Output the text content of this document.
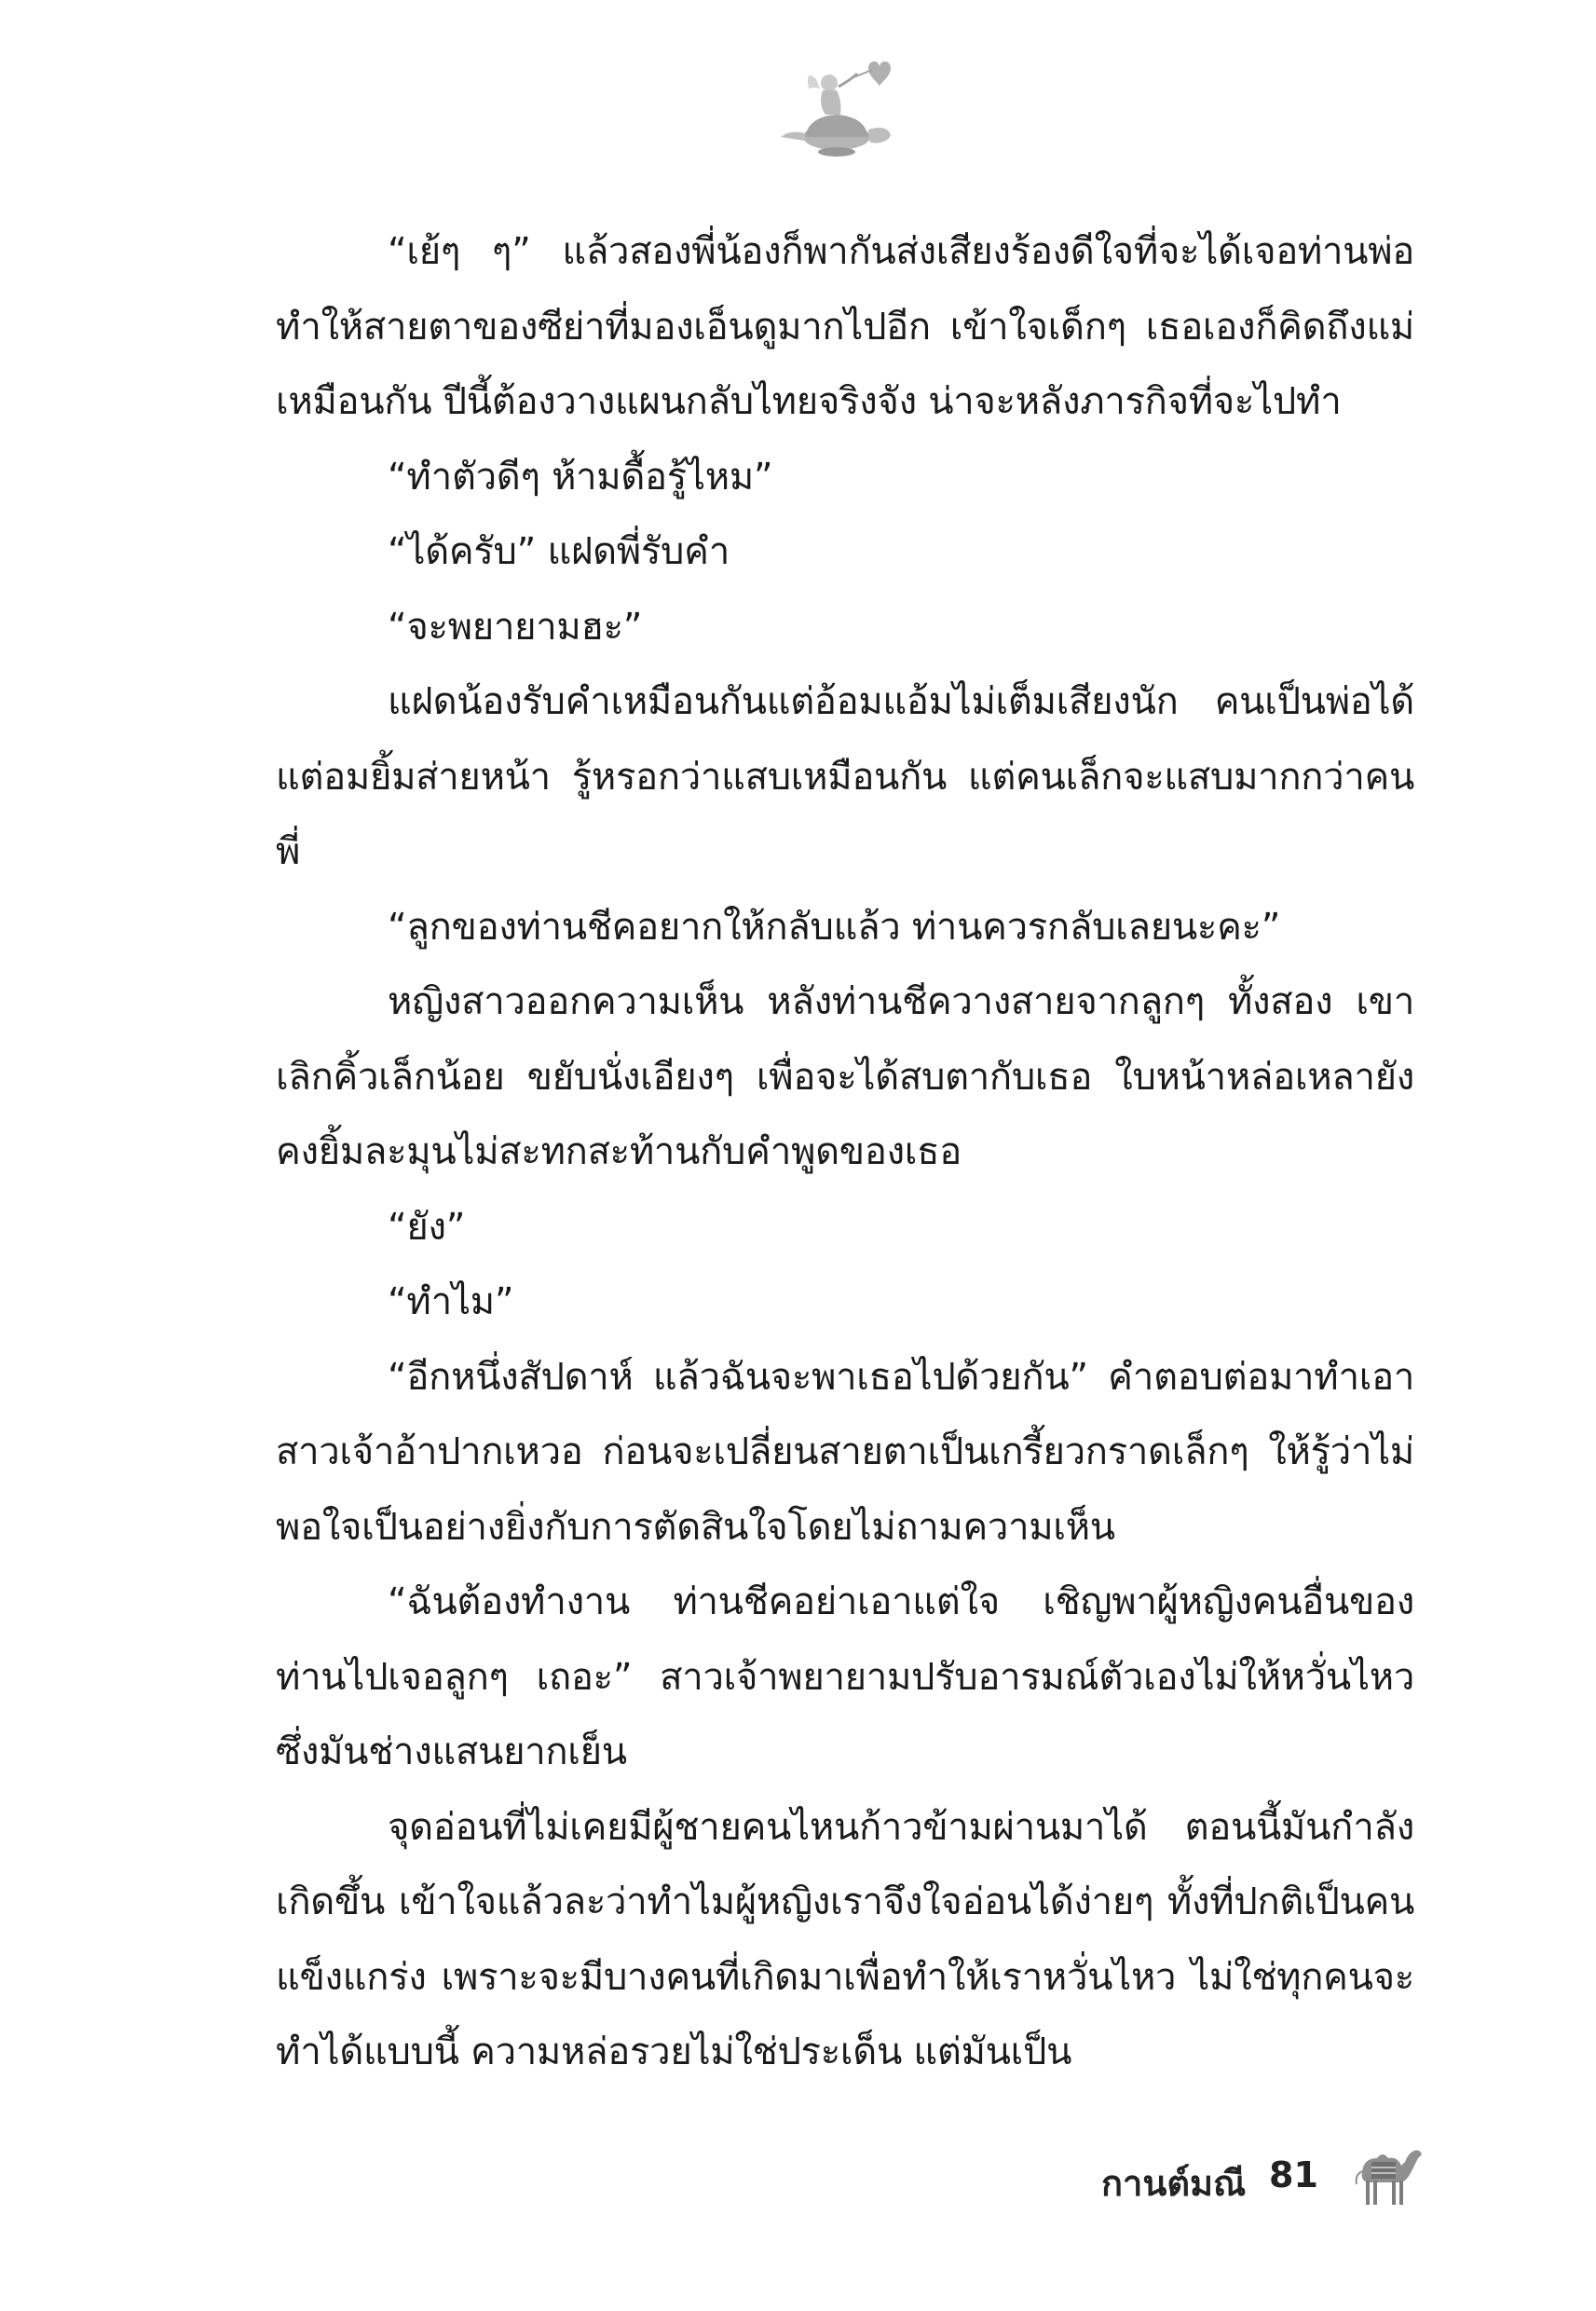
“เย้ๆ ๆ” แล้วสองพี่น้องก็พากันส่งเสียงร้องดีใจที่จะได้เจอท่านพ่อ ทำให้สายตาของซีย่าที่มองเอ็นดูมากไปอีก เข้าใจเด็กๆ เธอเองก็คิดถึงแม่เหมือนกัน ปีนี้ต้องวางแผนกลับไทยจริงจัง น่าจะหลังภารกิจที่จะไปทำ

“ทำตัวดีๆ ห้ามดื้อรู้ไหม”

“ได้ครับ” แฝดพี่รับคำ

“จะพยายามฮะ”

แฝดน้องรับคำเหมือนกันแต่อ้อมแอ้มไม่เต็มเสียงนัก คนเป็นพ่อได้แต่อมยิ้มส่ายหน้า รู้หรอกว่าแสบเหมือนกัน แต่คนเล็กจะแสบมากกว่าคนพี่

“ลูกของท่านชีคอยากให้กลับแล้ว ท่านควรกลับเลยนะคะ”

หญิงสาวออกความเห็น หลังท่านชีควางสายจากลูกๆ ทั้งสอง เขาเลิกคิ้วเล็กน้อย ขยับนั่งเอียงๆ เพื่อจะได้สบตากับเธอ ใบหน้าหล่อเหลายังคงยิ้มละมุนไม่สะทกสะท้านกับคำพูดของเธอ

“ยัง”

“ทำไม”

“อีกหนึ่งสัปดาห์ แล้วฉันจะพาเธอไปด้วยกัน” คำตอบต่อมาทำเอาสาวเจ้าอ้าปากเหวอ ก่อนจะเปลี่ยนสายตาเป็นเกรี้ยวกราดเล็กๆ ให้รู้ว่าไม่พอใจเป็นอย่างยิ่งกับการตัดสินใจโดยไม่ถามความเห็น

“ฉันต้องทำงาน ท่านชีคอย่าเอาแต่ใจ เชิญพาผู้หญิงคนอื่นของท่านไปเจอลูกๆ เถอะ” สาวเจ้าพยายามปรับอารมณ์ตัวเองไม่ให้หวั่นไหว ซึ่งมันช่างแสนยากเย็น

จุดอ่อนที่ไม่เคยมีผู้ชายคนไหนก้าวข้ามผ่านมาได้ ตอนนี้มันกำลังเกิดขึ้น เข้าใจแล้วละว่าทำไมผู้หญิงเราจึงใจอ่อนได้ง่ายๆ ทั้งที่ปกติเป็นคนแข็งแกร่ง เพราะจะมีบางคนที่เกิดมาเพื่อทำให้เราหวั่นไหว ไม่ใช่ทุกคนจะทำได้แบบนี้ ความหล่อรวยไม่ใช่ประเด็น แต่มันเป็น

กานต์มณี 81
